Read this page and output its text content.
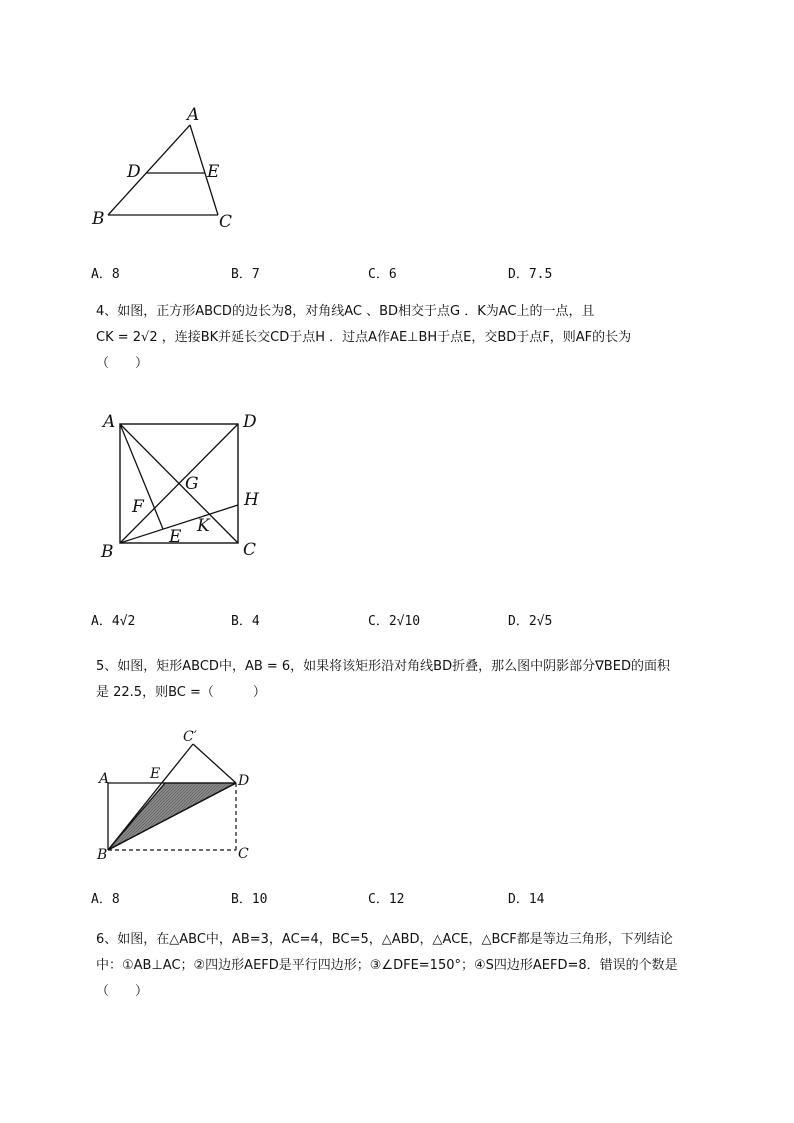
A
D	E
B	C
A．8	B．7	C．6	D．7.5
4、如图，正方形ABCD的边长为8，对角线AC 、BD相交于点G ．K为AC上的一点，且
CK = 2√2 ，连接BK并延长交CD于点H ．过点A作AE⊥BH于点E，交BD于点F，则AF的长为
（　　）
A	D
G
H
F
K
B
E
C
A．4√2	B．4	C．2√10	D．2√5
5、如图，矩形ABCD中，AB = 6，如果将该矩形沿对角线BD折叠，那么图中阴影部分∇BED的面积
是 22.5，则BC =（　　　）
C′
A	E	D
B	C
A．8	B．10	C．12	D．14
6、如图，在△ABC中，AB=3，AC=4，BC=5，△ABD，△ACE，△BCF都是等边三角形，下列结论
中：①AB⊥AC；②四边形AEFD是平行四边形；③∠DFE=150°；④S四边形AEFD=8．错误的个数是
（　　）
